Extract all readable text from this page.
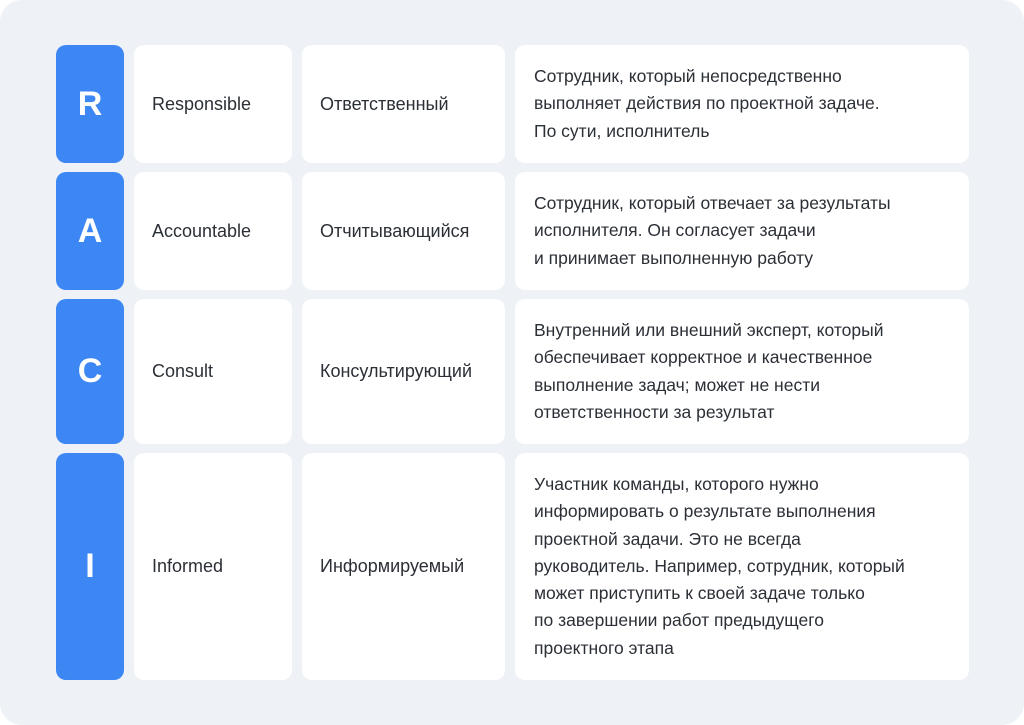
R	Responsible	Ответственный
Сотрудник, который непосредственно
выполняет действия по проектной задаче.
По сути, исполнитель
A	Accountable	Отчитывающийся
Сотрудник, который отвечает за результаты
исполнителя. Он согласует задачи
и принимает выполненную работу
C	Consult	Консультирующий
Внутренний или внешний эксперт, который
обеспечивает корректное и качественное
выполнение задач; может не нести
ответственности за результат
I	Informed	Информируемый
Участник команды, которого нужно
информировать о результате выполнения
проектной задачи. Это не всегда
руководитель. Например, сотрудник, который
может приступить к своей задаче только
по завершении работ предыдущего
проектного этапа
